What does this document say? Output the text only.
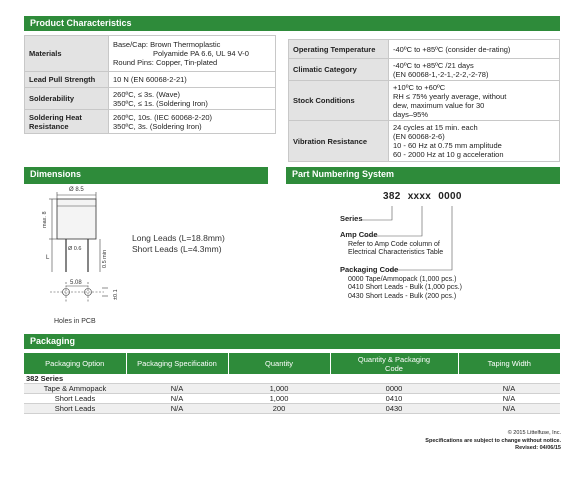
Product Characteristics
Materials	Base/Cap: Brown Thermoplastic
Polyamide PA 6.6, UL 94 V-0
Round Pins: Copper, Tin-plated

Lead Pull Strength	10 N (EN 60068-2-21)
Solderability	260ºC, ≤ 3s. (Wave)
350ºC, ≤ 1s. (Soldering Iron)

Soldering Heat Resistance	260ºC, 10s. (IEC 60068-2-20)
350ºC, 3s. (Soldering Iron)
Operating Temperature	-40ºC to +85ºC (consider de-rating)
Climatic Category	-40ºC to +85ºC /21 days
(EN 60068-1,-2-1,-2-2,-2-78)

Stock Conditions	+10ºC to +60ºC
RH ≤ 75% yearly average, without
dew, maximum value for 30
days–95%

Vibration Resistance	24 cycles at 15 min. each
(EN 60068-2-6)
10 - 60 Hz at 0.75 mm amplitude
60 - 2000 Hz at 10 g acceleration
Dimensions
Ø 8.5
max. 8
Ø 0.6
0.5 min
L
5.08
±0.1
Holes in PCB
Long Leads (L=18.8mm)
Short Leads (L=4.3mm)
Part Numbering System
382 xxxx 0000
Series
Amp Code
Refer to Amp Code column of
Electrical Characteristics Table
Packaging Code
0000 Tape/Ammopack (1,000 pcs.)
0410 Short Leads - Bulk (1,000 pcs.)
0430 Short Leads - Bulk (200 pcs.)
Packaging
Packaging Option	Packaging Specification	Quantity	Quantity & Packaging Code	Taping Width
382 Series				
Tape & Ammopack	N/A	1,000	0000	N/A
Short Leads	N/A	1,000	0410	N/A
Short Leads	N/A	200	0430	N/A
© 2015 Littelfuse, Inc.
Specifications are subject to change without notice.
Revised: 04/06/15
